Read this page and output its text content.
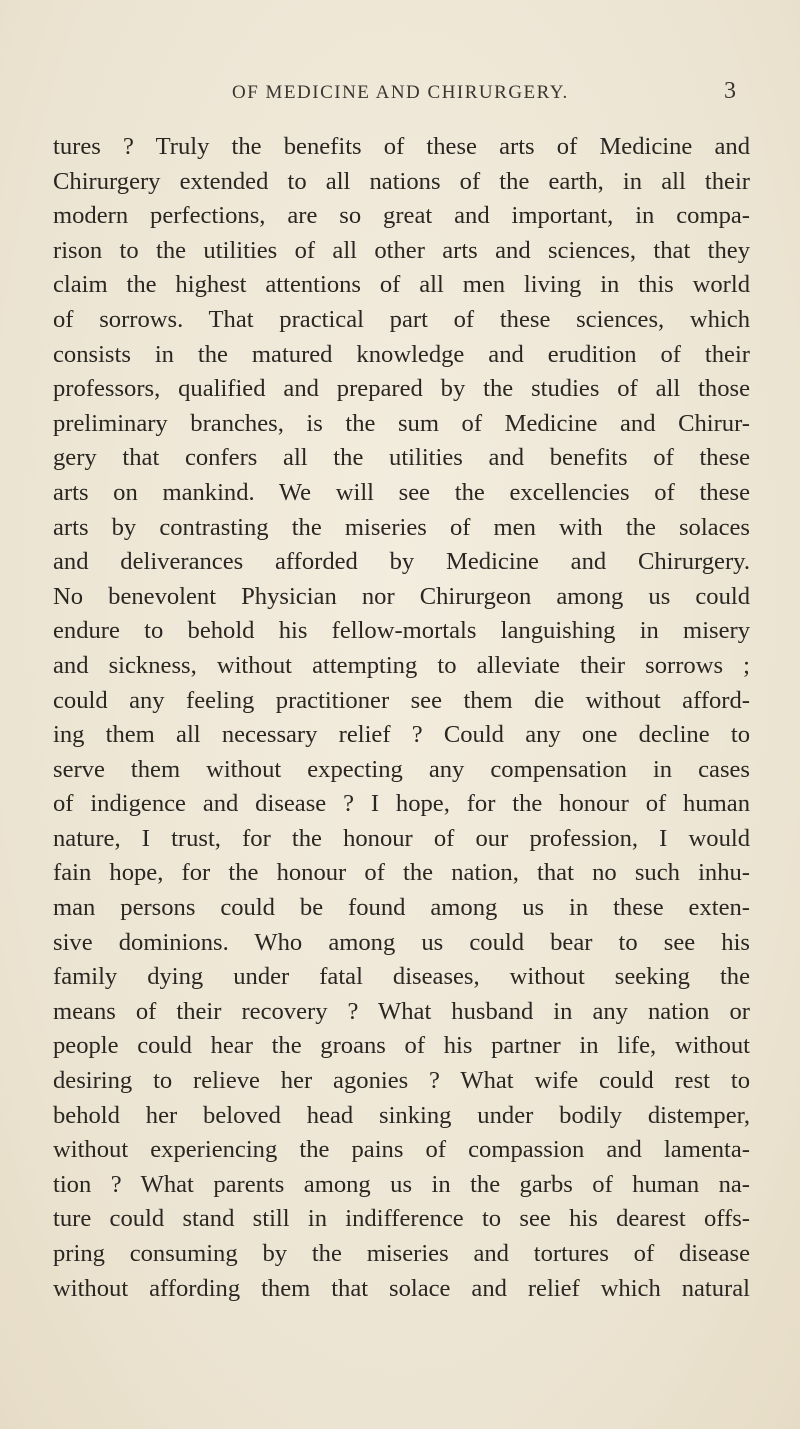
OF MEDICINE AND CHIRURGERY.	3
tures ? Truly the benefits of these arts of Medicine and
Chirurgery extended to all nations of the earth, in all their
modern perfections, are so great and important, in compa-
rison to the utilities of all other arts and sciences, that they
claim the highest attentions of all men living in this world
of sorrows. That practical part of these sciences, which
consists in the matured knowledge and erudition of their
professors, qualified and prepared by the studies of all those
preliminary branches, is the sum of Medicine and Chirur-
gery that confers all the utilities and benefits of these
arts on mankind. We will see the excellencies of these
arts by contrasting the miseries of men with the solaces
and deliverances afforded by Medicine and Chirurgery.
No benevolent Physician nor Chirurgeon among us could
endure to behold his fellow-mortals languishing in misery
and sickness, without attempting to alleviate their sorrows ;
could any feeling practitioner see them die without afford-
ing them all necessary relief ? Could any one decline to
serve them without expecting any compensation in cases
of indigence and disease ? I hope, for the honour of human
nature, I trust, for the honour of our profession, I would
fain hope, for the honour of the nation, that no such inhu-
man persons could be found among us in these exten-
sive dominions. Who among us could bear to see his
family dying under fatal diseases, without seeking the
means of their recovery ? What husband in any nation or
people could hear the groans of his partner in life, without
desiring to relieve her agonies ? What wife could rest to
behold her beloved head sinking under bodily distemper,
without experiencing the pains of compassion and lamenta-
tion ? What parents among us in the garbs of human na-
ture could stand still in indifference to see his dearest offs-
pring consuming by the miseries and tortures of disease
without affording them that solace and relief which natural
